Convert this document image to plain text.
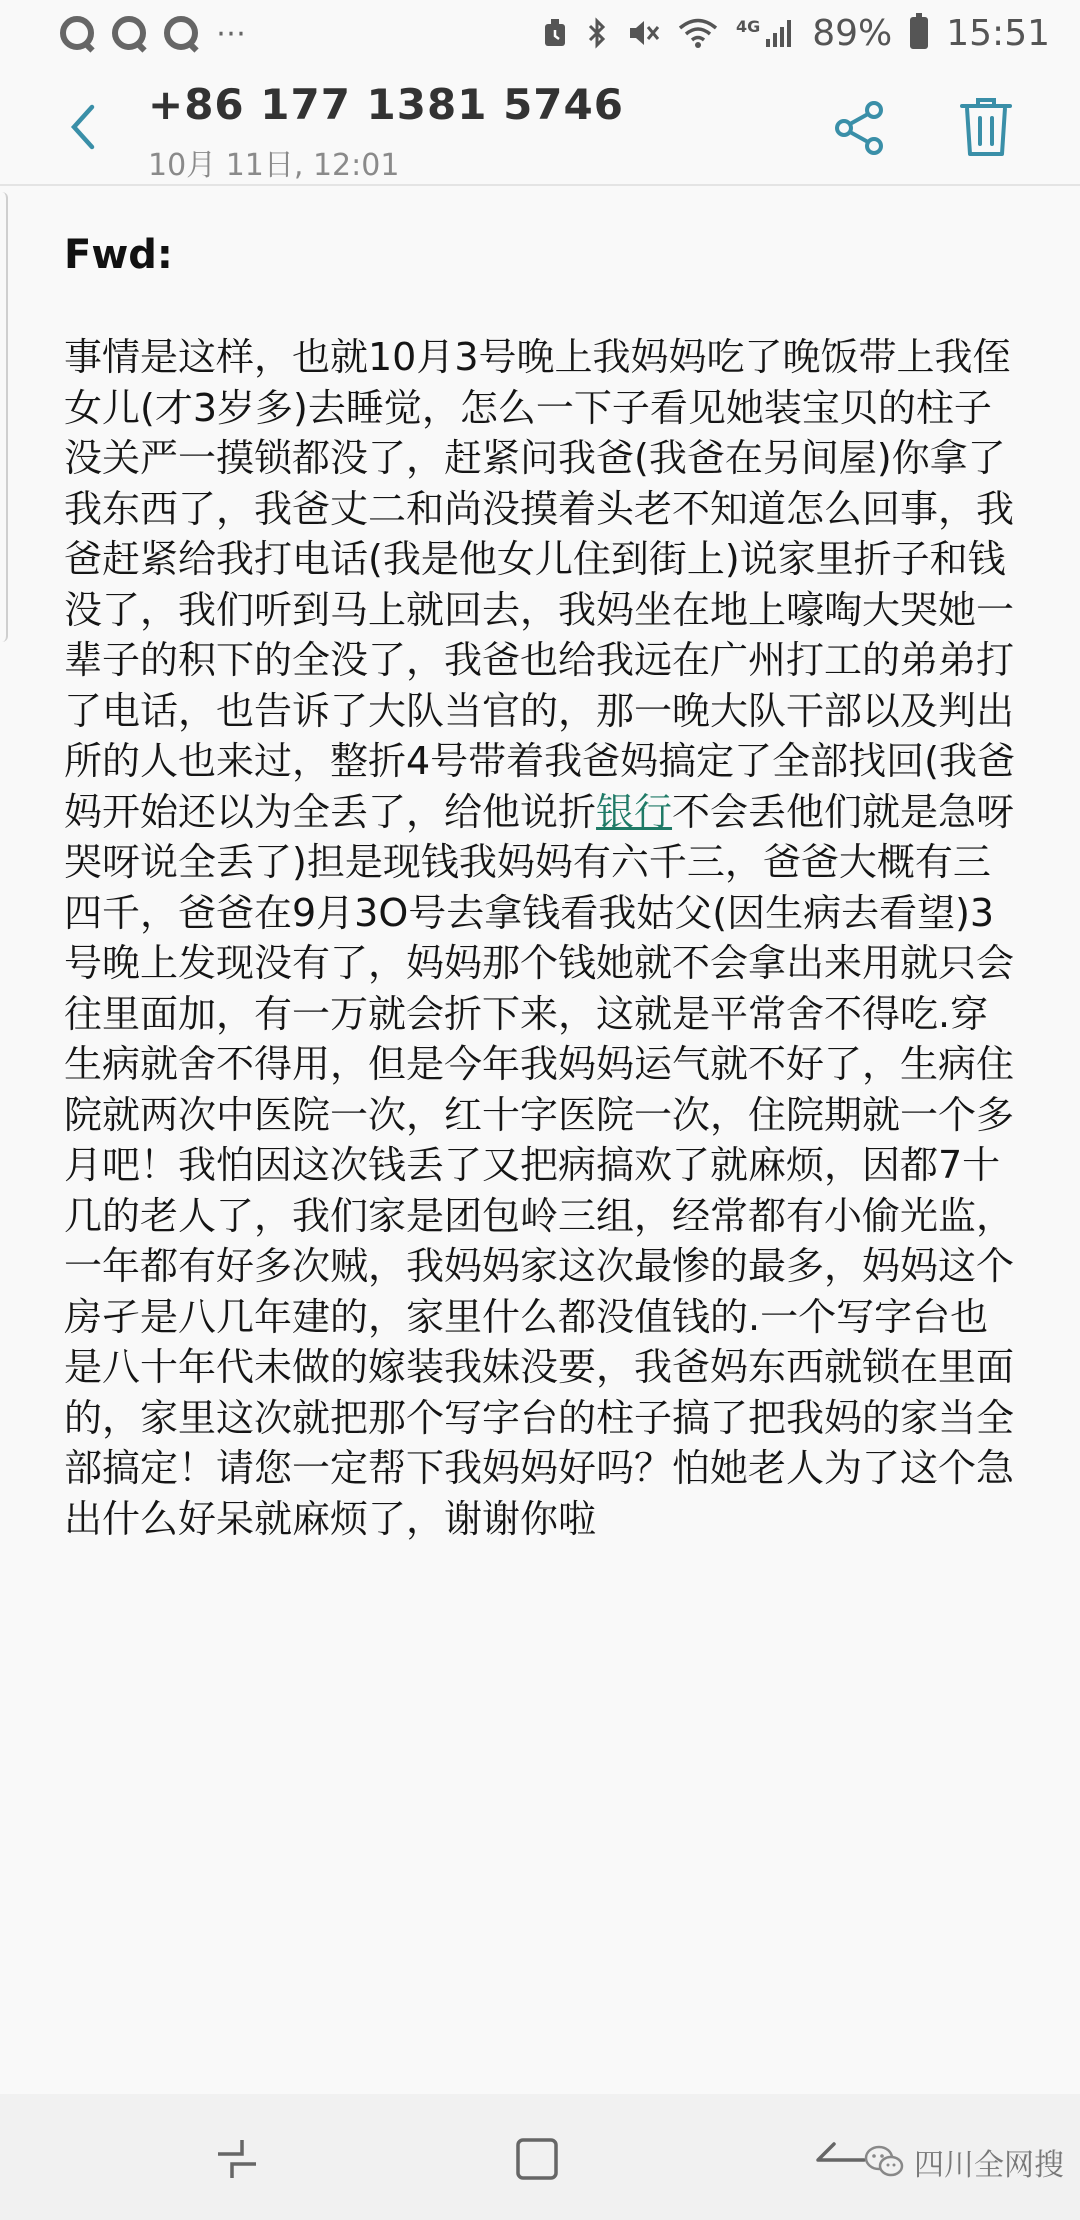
⋯	4G 89% 15:51
+86 177 1381 5746
10月 11日, 12:01
Fwd:

事情是这样，也就10月3号晚上我妈妈吃了晚饭带上我侄女儿(才3岁多)去睡觉，怎么一下子看见她装宝贝的柱子没关严一摸锁都没了，赶紧问我爸(我爸在另间屋)你拿了我东西了，我爸丈二和尚没摸着头老不知道怎么回事，我爸赶紧给我打电话(我是他女儿住到街上)说家里折子和钱没了，我们听到马上就回去，我妈坐在地上嚎啕大哭她一辈子的积下的全没了，我爸也给我远在广州打工的弟弟打了电话，也告诉了大队当官的，那一晚大队干部以及判出所的人也来过，整折4号带着我爸妈搞定了全部找回(我爸妈开始还以为全丢了，给他说折银行不会丢他们就是急呀哭呀说全丢了)担是现钱我妈妈有六千三，爸爸大概有三四千，爸爸在9月3O号去拿钱看我姑父(因生病去看望)3号晚上发现没有了，妈妈那个钱她就不会拿出来用就只会往里面加，有一万就会折下来，这就是平常舍不得吃.穿生病就舍不得用，但是今年我妈妈运气就不好了，生病住院就两次中医院一次，红十字医院一次，住院期就一个多月吧！我怕因这次钱丢了又把病搞欢了就麻烦，因都7十几的老人了，我们家是团包岭三组，经常都有小偷光监，一年都有好多次贼，我妈妈家这次最惨的最多，妈妈这个房孑是八几年建的，家里什么都没值钱的.一个写字台也是八十年代未做的嫁装我妹没要，我爸妈东西就锁在里面的，家里这次就把那个写字台的柱子搞了把我妈的家当全部搞定！请您一定帮下我妈妈好吗？怕她老人为了这个急出什么好呆就麻烦了，谢谢你啦

四川全网搜
